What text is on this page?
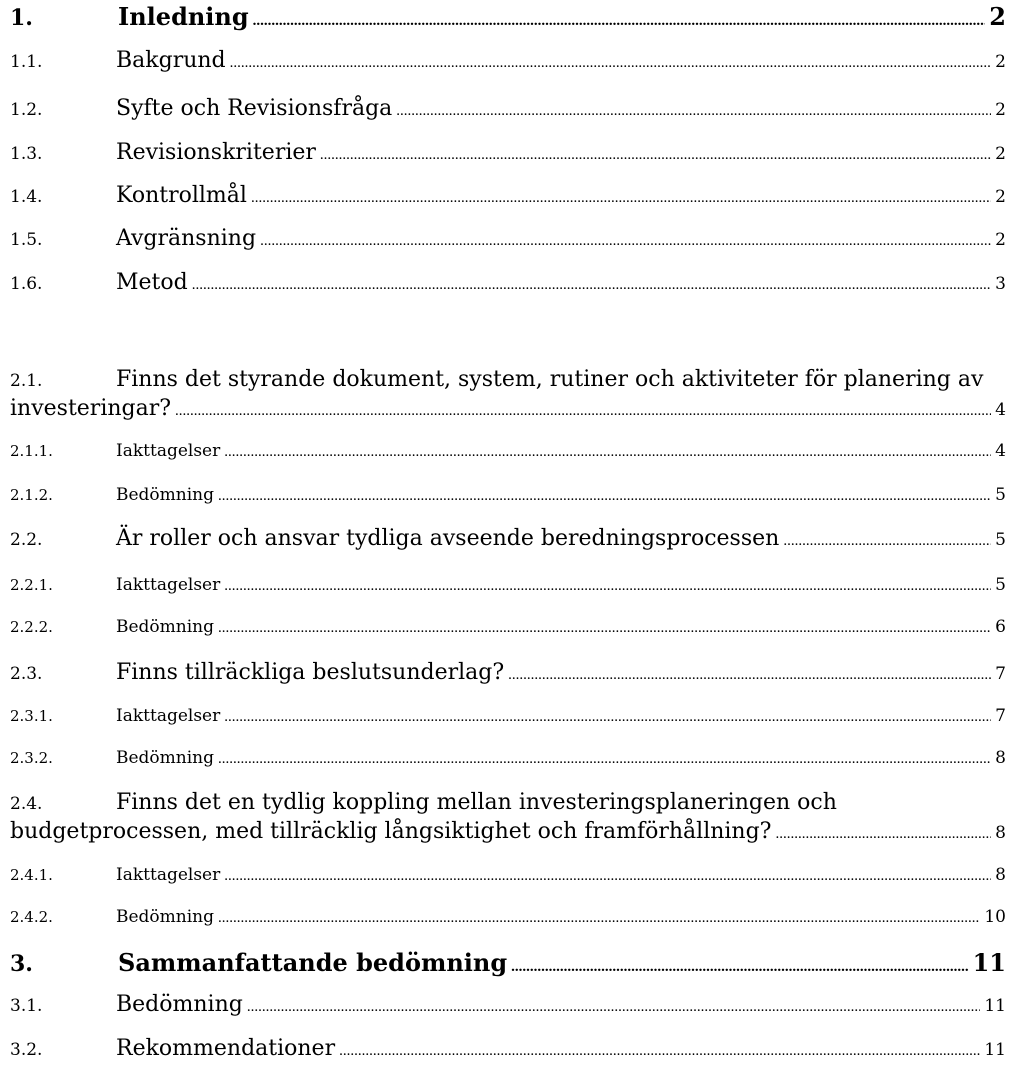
1.	Inledning .....	2
1.1.	Bakgrund .....	2
1.2.	Syfte och Revisionsfråga .....	2
1.3.	Revisionskriterier .....	2
1.4.	Kontrollmål .....	2
1.5.	Avgränsning .....	2
1.6.	Metod .....	3
2.1.	Finns det styrande dokument, system, rutiner och aktiviteter för planering av
investeringar? .....	4
2.1.1.	Iakttagelser .....	4
2.1.2.	Bedömning .....	5
2.2.	Är roller och ansvar tydliga avseende beredningsprocessen .....	5
2.2.1.	Iakttagelser .....	5
2.2.2.	Bedömning .....	6
2.3.	Finns tillräckliga beslutsunderlag? .....	7
2.3.1.	Iakttagelser .....	7
2.3.2.	Bedömning .....	8
2.4.	Finns det en tydlig koppling mellan investeringsplaneringen och
budgetprocessen, med tillräcklig långsiktighet och framförhållning? .....	8
2.4.1.	Iakttagelser .....	8
2.4.2.	Bedömning .....	10
3.	Sammanfattande bedömning .....	11
3.1.	Bedömning .....	11
3.2.	Rekommendationer .....	11
